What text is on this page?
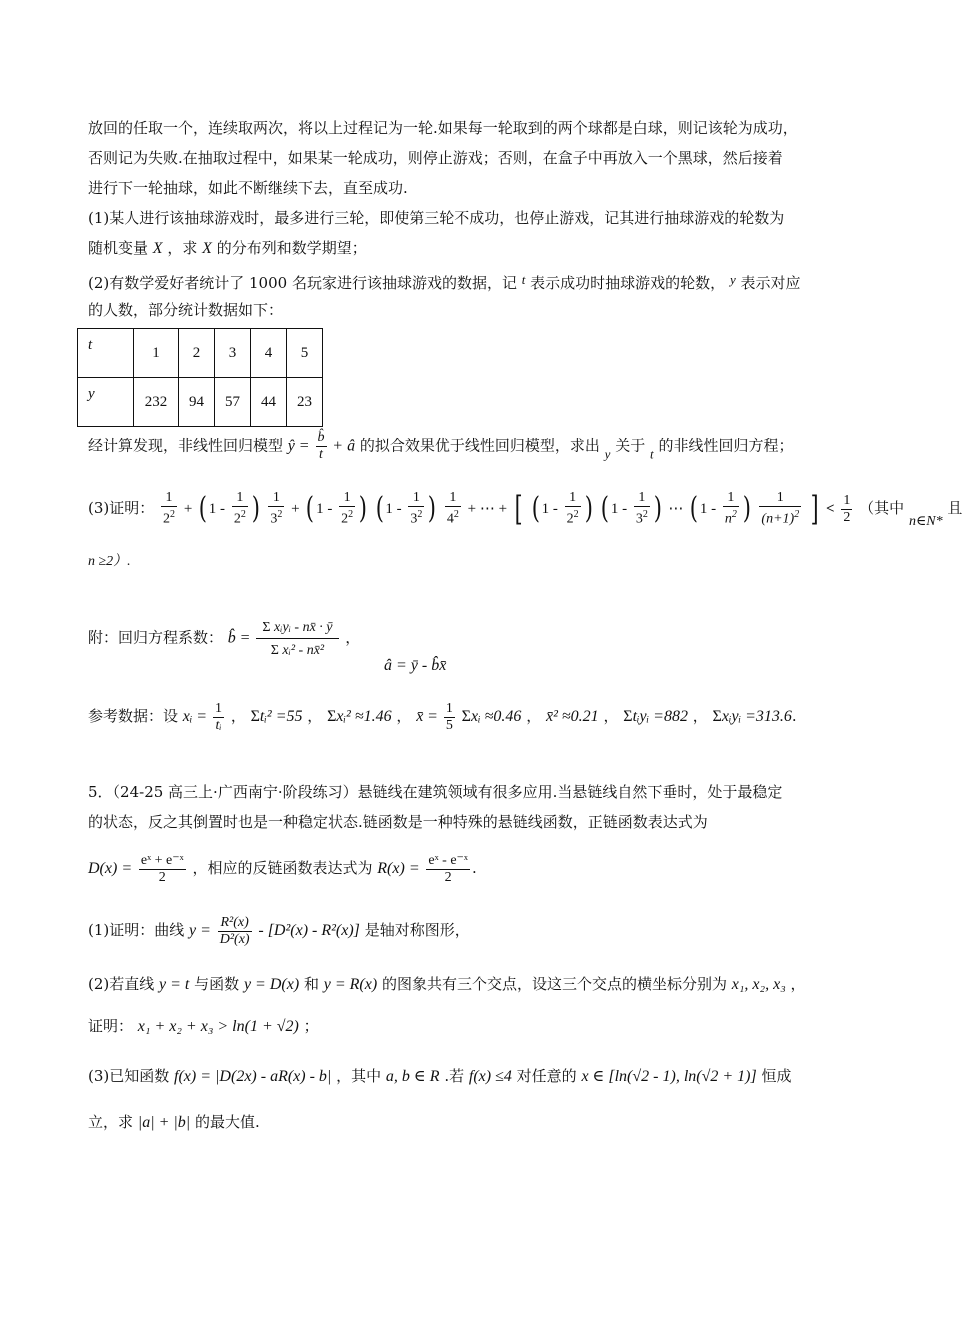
放回的任取一个，连续取两次，将以上过程记为一轮.如果每一轮取到的两个球都是白球，则记该轮为成功，
否则记为失败.在抽取过程中，如果某一轮成功，则停止游戏；否则，在盒子中再放入一个黑球，然后接着
进行下一轮抽球，如此不断继续下去，直至成功.
(1)某人进行该抽球游戏时，最多进行三轮，即使第三轮不成功，也停止游戏，记其进行抽球游戏的轮数为
随机变量 X ，求 X 的分布列和数学期望；
(2)有数学爱好者统计了 1000 名玩家进行该抽球游戏的数据，记 t 表示成功时抽球游戏的轮数， y 表示对应
的人数，部分统计数据如下：
t	1	2	3	4	5
y	232	94	57	44	23
经计算发现，非线性回归模型 ŷ = $\frac{b̂}{t}$ + â 的拟合效果优于线性回归模型，求出 y 关于 t 的非线性回归方程；
(3)证明： $\frac{1}{2^2}$ + ( $1 - \frac{1}{2^2}$ ) $\frac{1}{3^2}$ + ( $1 - \frac{1}{2^2}$ ) ( $1 - \frac{1}{3^2}$ ) $\frac{1}{4^2}$ + ⋯ + [ ( $1 - \frac{1}{2^2}$ ) ( $1 - \frac{1}{3^2}$ ) ⋯ ( $1 - \frac{1}{n^2}$ ) $\frac{1}{(n+1)^2}$ ] < $\frac{1}{2}$ （其中 n∈N* 且
n ≥2）.
附：回归方程系数： b̂ = $\frac{\text{Σ xᵢyᵢ - nx̄ · ȳ}}{\text{Σ xᵢ² - nx̄²}}$ ，
â = ȳ - b̂x̄
参考数据：设 xᵢ = $\frac{1}{\text{tᵢ}}$ ， Σtᵢ² =55 ， Σxᵢ² ≈1.46 ， x̄ = $\frac{1}{5}$ Σxᵢ ≈0.46 ， x̄² ≈0.21 ， Σtᵢyᵢ =882 ， Σxᵢyᵢ =313.6.
5．（24-25 高三上·广西南宁·阶段练习）悬链线在建筑领域有很多应用.当悬链线自然下垂时，处于最稳定
的状态，反之其倒置时也是一种稳定状态.链函数是一种特殊的悬链线函数，正链函数表达式为
$D(x) = \frac{\text{eˣ + e⁻ˣ}}{2}$ ，相应的反链函数表达式为 $R(x) = \frac{\text{eˣ - e⁻ˣ}}{2}$ .
(1)证明：曲线 $y = \frac{\text{R²(x)}}{\text{D²(x)}} - [D^2(x) - R^2(x)]$ 是轴对称图形，
(2)若直线 y = t 与函数 y = D(x) 和 y = R(x) 的图象共有三个交点，设这三个交点的横坐标分别为 x₁, x₂, x₃ ，
证明： x₁ + x₂ + x₃ > ln(1 + √2) ；
(3)已知函数 f(x) = |D(2x) - aR(x) - b| ，其中 a, b ∈ R .若 f(x) ≤4 对任意的 x ∈ [ln(√2 - 1), ln(√2 + 1)] 恒成
立，求 |a| + |b| 的最大值.
